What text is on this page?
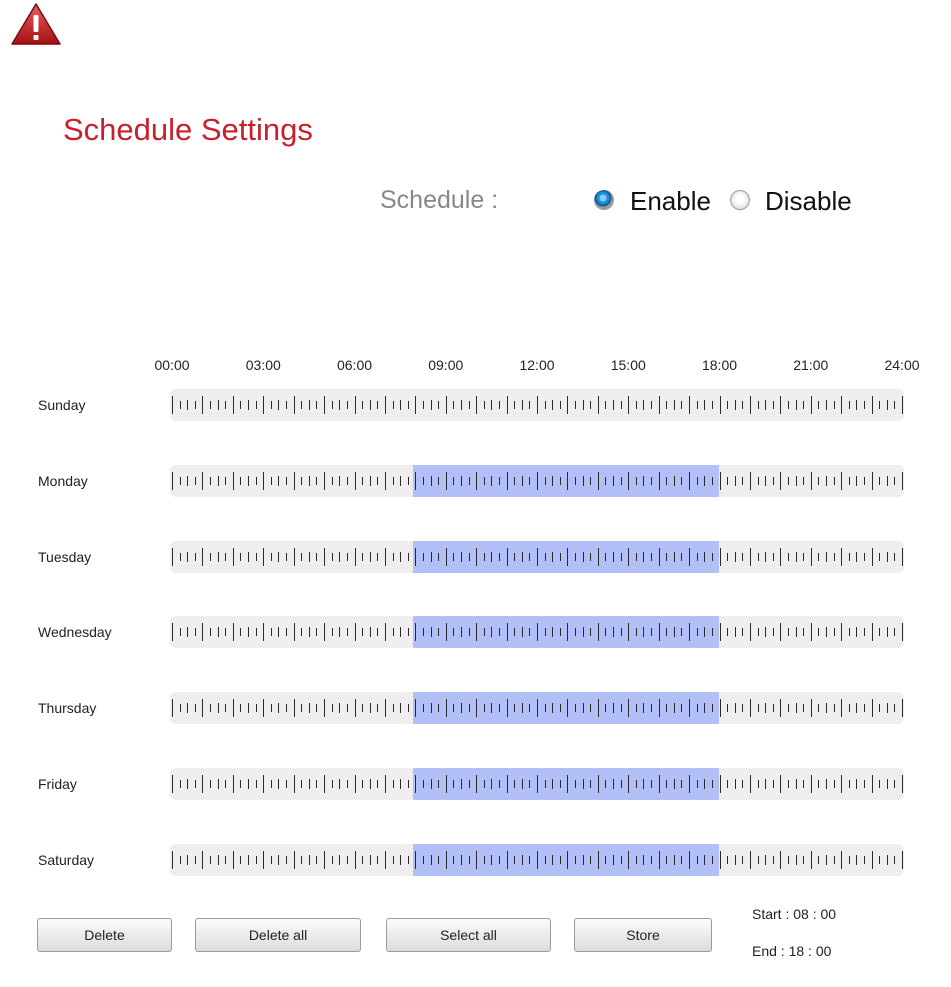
Schedule Settings
Schedule :	Enable Disable
00:00	03:00	06:00	09:00	12:00	15:00	18:00	21:00	24:00
Sunday
Monday
Tuesday
Wednesday
Thursday
Friday
Saturday
Delete	Delete all	Select all	Store
Start : 08 : 00
End : 18 : 00
